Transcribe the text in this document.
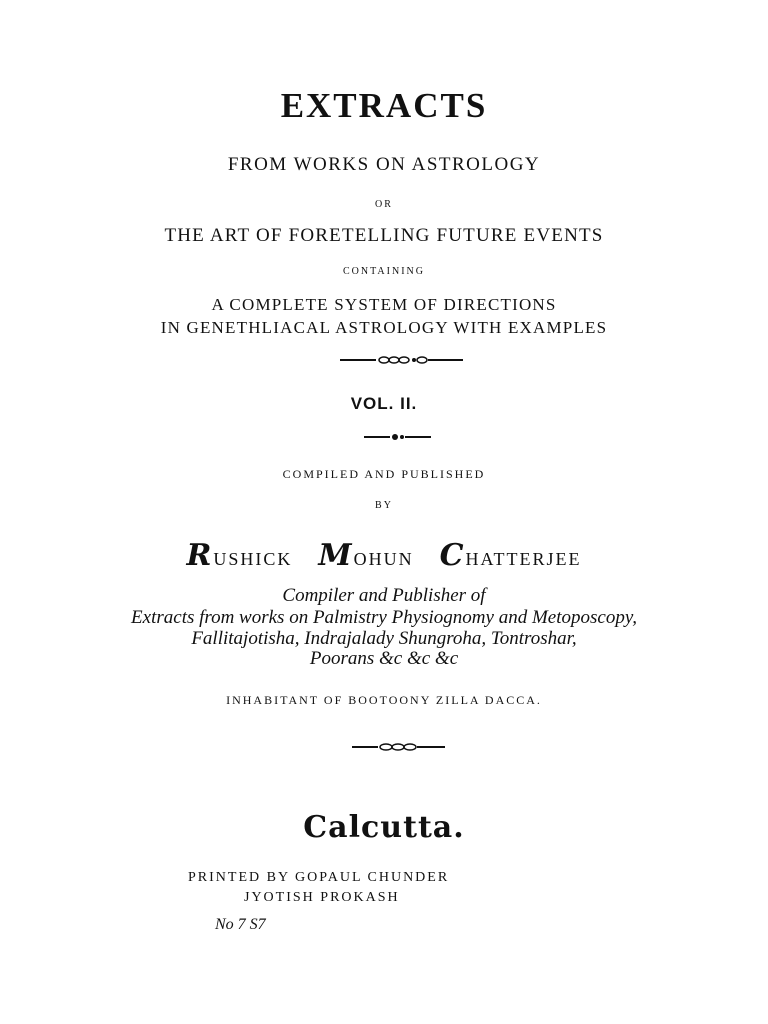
EXTRACTS

FROM WORKS ON ASTROLOGY

OR

THE ART OF FORETELLING FUTURE EVENTS

CONTAINING

A COMPLETE SYSTEM OF DIRECTIONS

IN GENETHLIACAL ASTROLOGY WITH EXAMPLES

VOL. II.

COMPILED AND PUBLISHED

BY

RUSHICK MOHUN CHATTERJEE

Compiler and Publisher of

Extracts from works on Palmistry Physiognomy and Metoposcopy,

Fallitajotisha, Indrajalady Shungroha, Tontroshar,

Poorans &c &c &c

INHABITANT OF BOOTOONY ZILLA DACCA.

Calcutta.

PRINTED BY GOPAUL CHUNDER
JYOTISH PROKASH
No 7 S7
